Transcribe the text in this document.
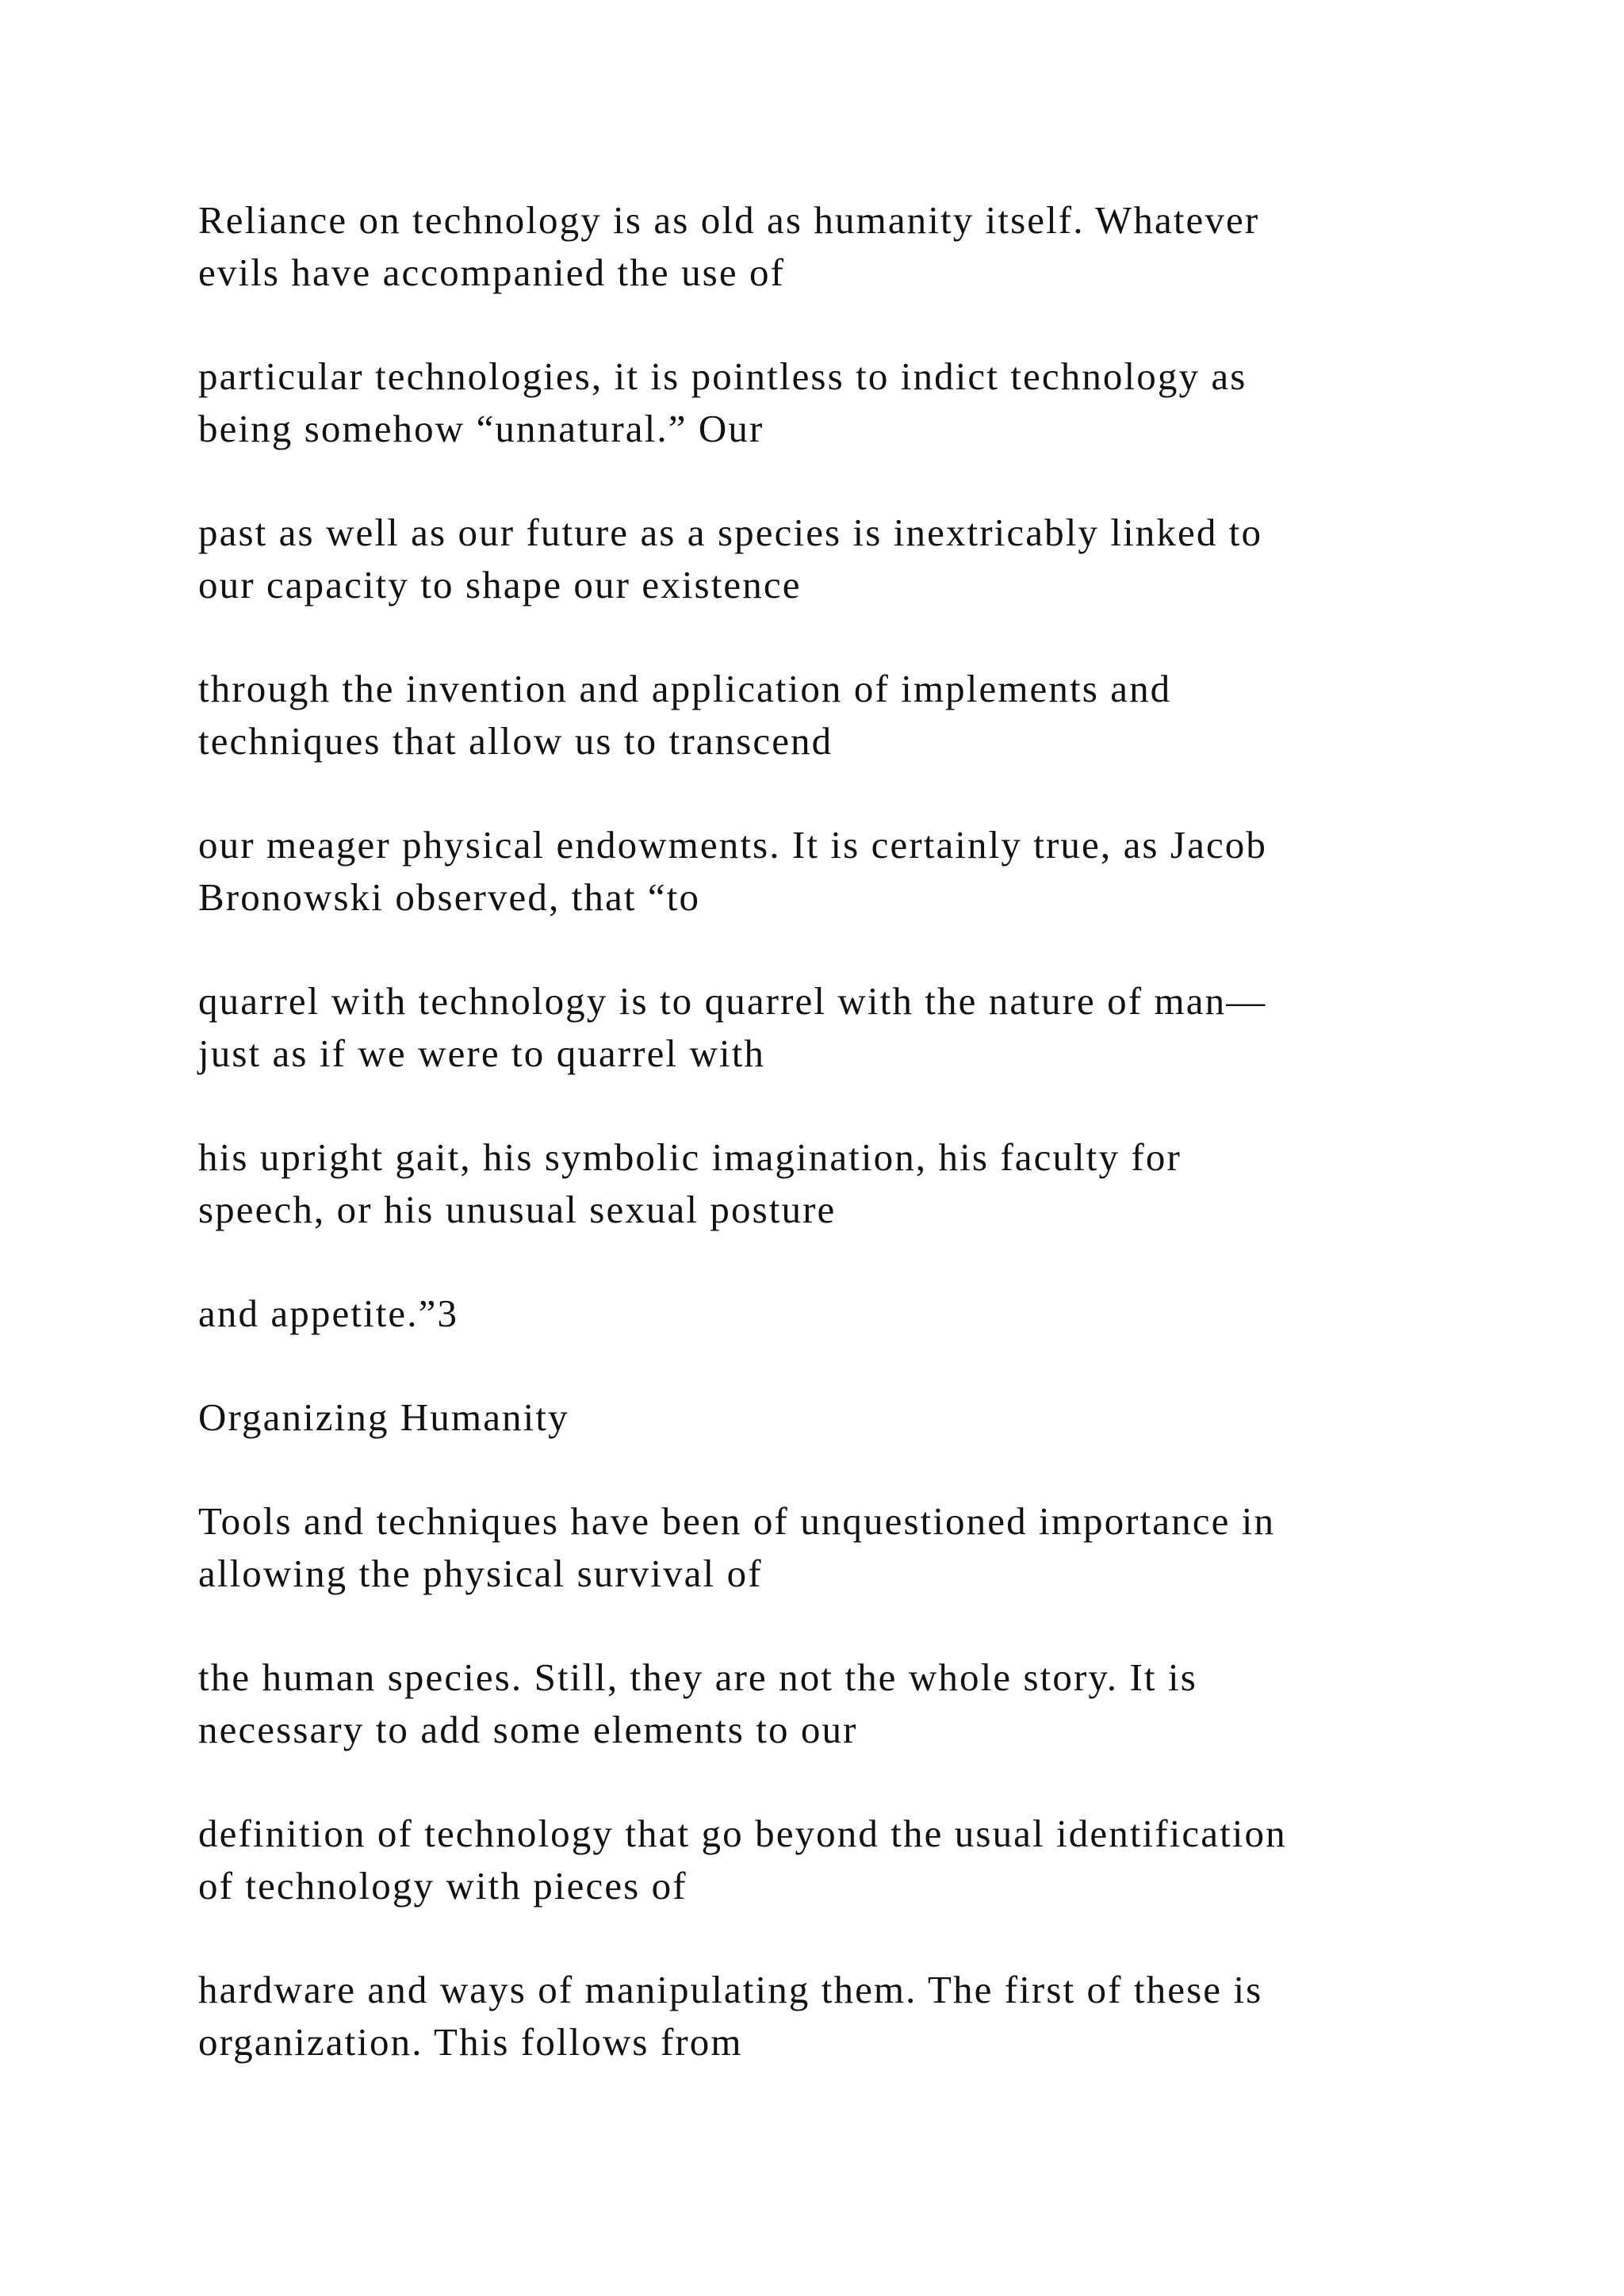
Reliance on technology is as old as humanity itself. Whatever
evils have accompanied the use of

particular technologies, it is pointless to indict technology as
being somehow “unnatural.” Our

past as well as our future as a species is inextricably linked to
our capacity to shape our existence

through the invention and application of implements and
techniques that allow us to transcend

our meager physical endowments. It is certainly true, as Jacob
Bronowski observed, that “to

quarrel with technology is to quarrel with the nature of man—
just as if we were to quarrel with

his upright gait, his symbolic imagination, his faculty for
speech, or his unusual sexual posture

and appetite.”3

Organizing Humanity

Tools and techniques have been of unquestioned importance in
allowing the physical survival of

the human species. Still, they are not the whole story. It is
necessary to add some elements to our

definition of technology that go beyond the usual identification
of technology with pieces of

hardware and ways of manipulating them. The first of these is
organization. This follows from
